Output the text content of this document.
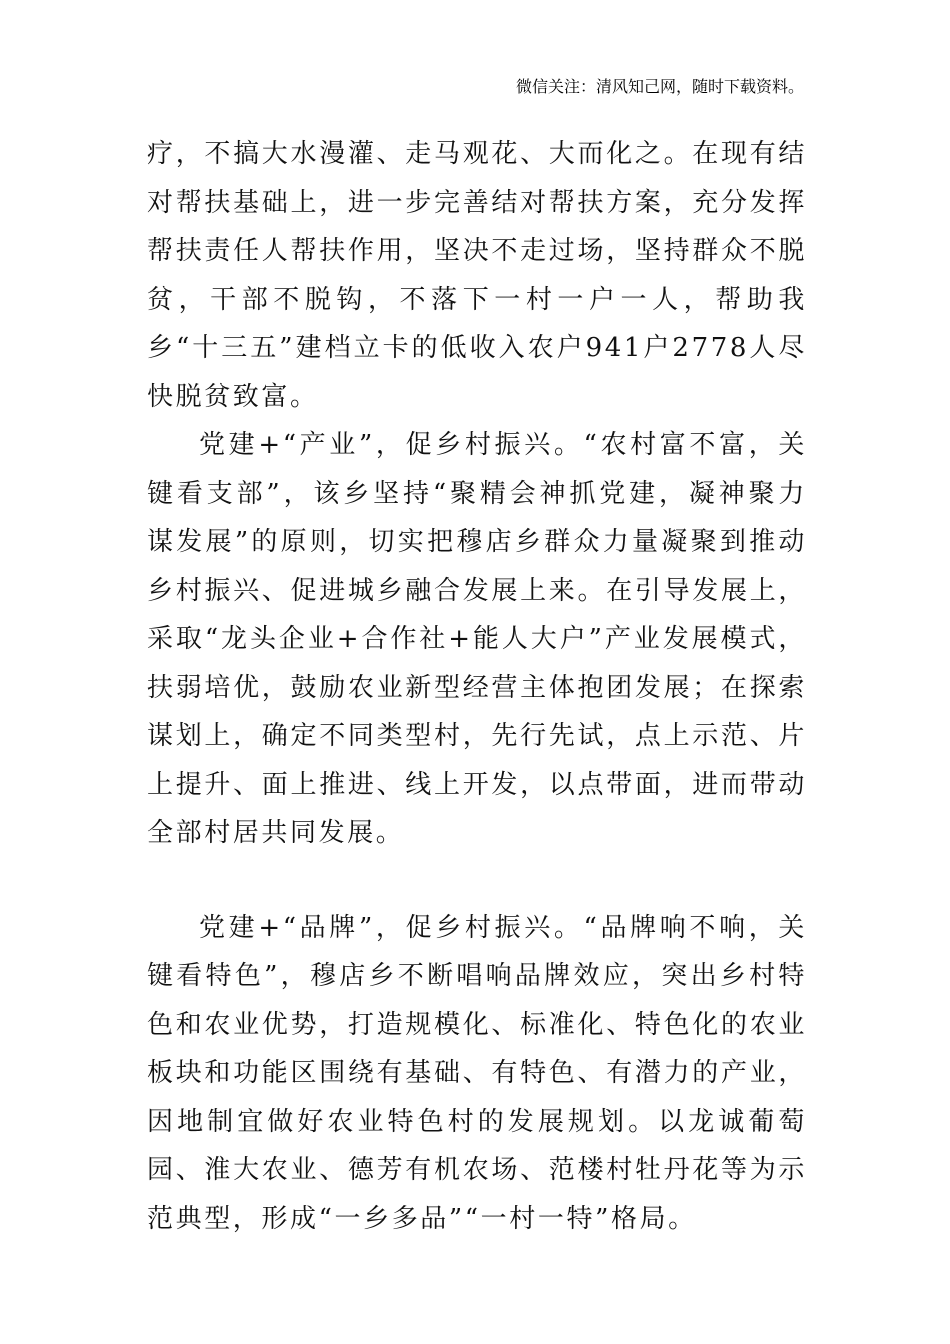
微信关注：清风知己网，随时下载资料。

疗，不搞大水漫灌、走马观花、大而化之。在现有结对帮扶基础上，进一步完善结对帮扶方案，充分发挥帮扶责任人帮扶作用，坚决不走过场，坚持群众不脱贫，干部不脱钩，不落下一村一户一人，帮助我乡“十三五”建档立卡的低收入农户941户2778人尽快脱贫致富。

党建+“产业”，促乡村振兴。“农村富不富，关键看支部”，该乡坚持“聚精会神抓党建，凝神聚力谋发展”的原则，切实把穆店乡群众力量凝聚到推动乡村振兴、促进城乡融合发展上来。在引导发展上，采取“龙头企业+合作社+能人大户”产业发展模式，扶弱培优，鼓励农业新型经营主体抱团发展；在探索谋划上，确定不同类型村，先行先试，点上示范、片上提升、面上推进、线上开发，以点带面，进而带动全部村居共同发展。

党建+“品牌”，促乡村振兴。“品牌响不响，关键看特色”，穆店乡不断唱响品牌效应，突出乡村特色和农业优势，打造规模化、标准化、特色化的农业板块和功能区围绕有基础、有特色、有潜力的产业，因地制宜做好农业特色村的发展规划。以龙诚葡萄园、淮大农业、德芳有机农场、范楼村牡丹花等为示范典型，形成“一乡多品”“一村一特”格局。
